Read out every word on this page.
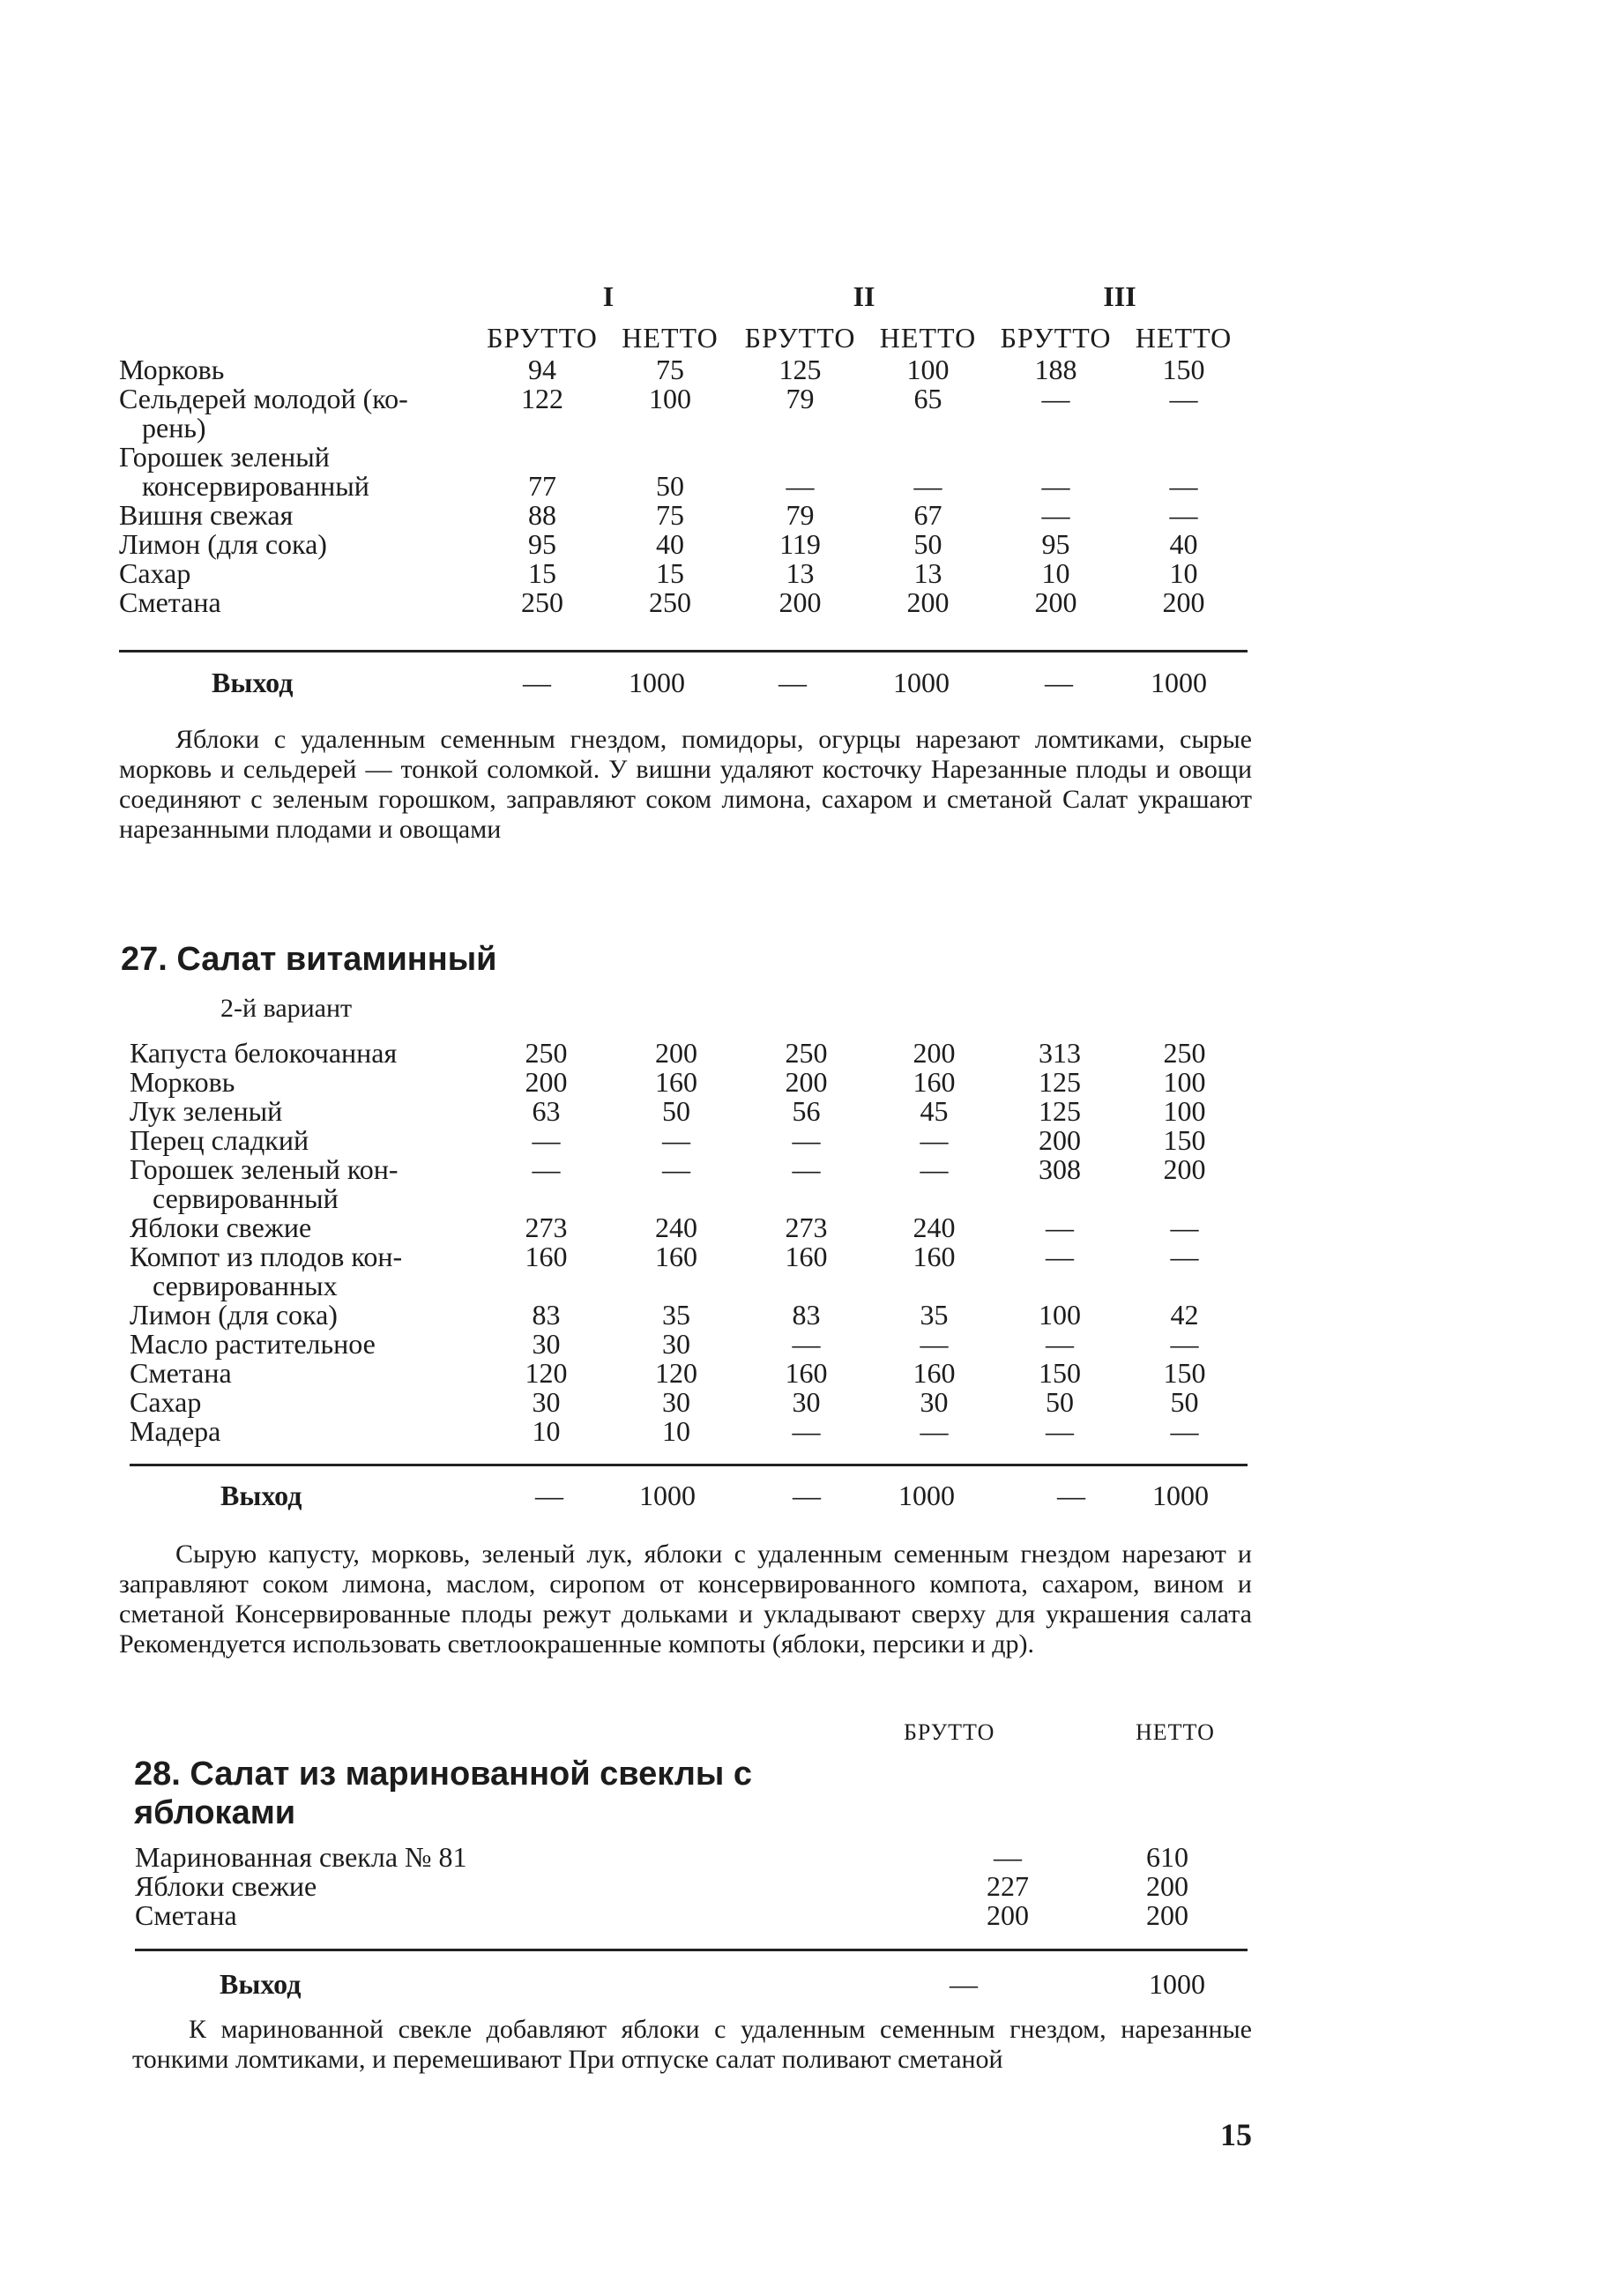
	I		II		III	
	БРУТТО	НЕТТО	БРУТТО	НЕТТО	БРУТТО	НЕТТО

Морковь	94	75	125	100	188	150

Сельдерей молодой (ко-
рень)	122	100	79	65	—	—

Горошек зеленый
консервированный	77	50	—	—	—	—

Вишня свежая	88	75	79	67	—	—

Лимон (для сока)	95	40	119	50	95	40

Сахар	15	15	13	13	10	10

Сметана	250	250	200	200	200	200
Выход	—	1000	—	1000	—	1000
Яблоки с удаленным семенным гнездом, помидоры, огурцы нарезают ломтиками, сырые морковь и сельдерей — тонкой соломкой. У вишни удаляют косточку Нарезанные плоды и овощи соединяют с зеленым горошком, заправляют соком лимона, сахаром и сметаной Салат украшают нарезанными плодами и овощами
27. Салат витаминный
2-й вариант
Капуста белокочанная	250	200	250	200	313	250

Морковь	200	160	200	160	125	100

Лук зеленый	63	50	56	45	125	100

Перец сладкий	—	—	—	—	200	150

Горошек зеленый кон-
сервированный	—	—	—	—	308	200

Яблоки свежие	273	240	273	240	—	—

Компот из плодов кон-
сервированных	160	160	160	160	—	—

Лимон (для сока)	83	35	83	35	100	42

Масло растительное	30	30	—	—	—	—

Сметана	120	120	160	160	150	150

Сахар	30	30	30	30	50	50

Мадера	10	10	—	—	—	—
Выход	—	1000	—	1000	— 1000
Сырую капусту, морковь, зеленый лук, яблоки с удаленным семенным гнездом нарезают и заправляют соком лимона, маслом, сиропом от консервированного компота, сахаром, вином и сметаной Консервированные плоды режут дольками и укладывают сверху для украшения салата Рекомендуется использовать светлоокрашенные компоты (яблоки, персики и др).
БРУТТО	НЕТТО
28. Салат из маринованной свеклы с яблоками
Маринованная свекла № 81	—	610

Яблоки свежие	227	200

Сметана	200	200
Выход	—	1000
К маринованной свекле добавляют яблоки с удаленным семенным гнездом, нарезанные тонкими ломтиками, и перемешивают При отпуске салат поливают сметаной
15
